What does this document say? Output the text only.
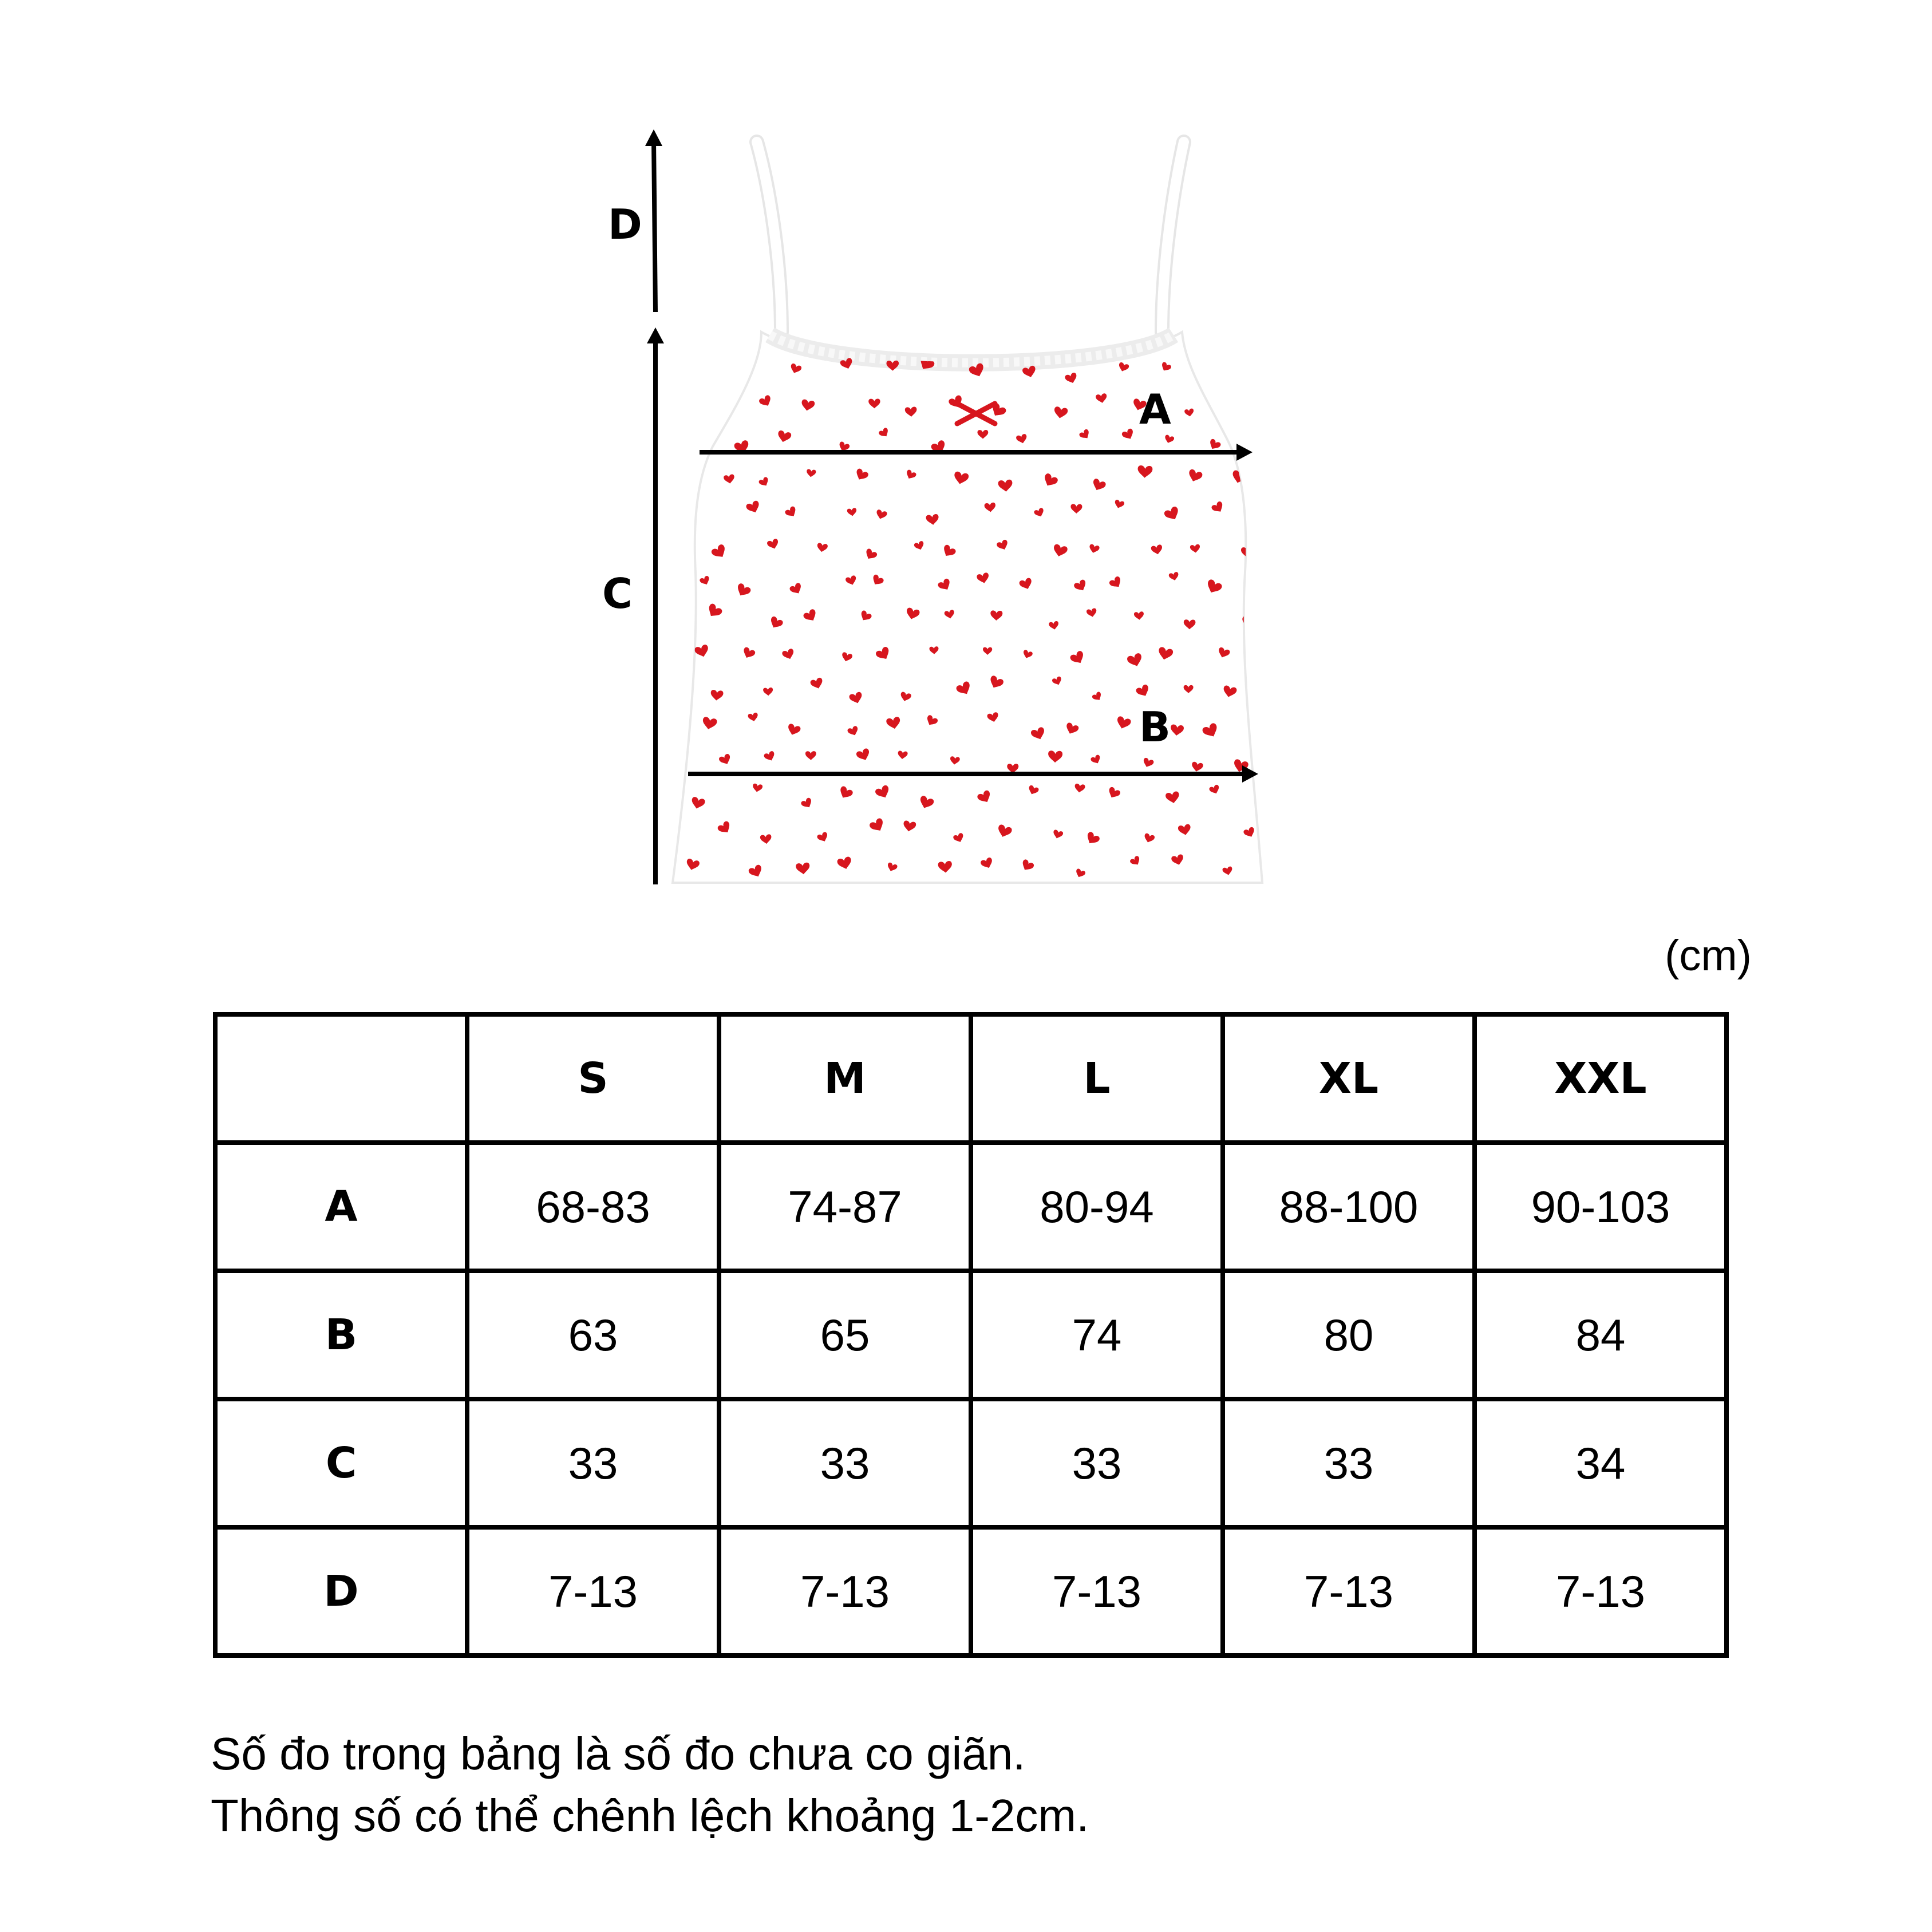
A
B
C
D
(cm)
	S	M	L	XL	XXL
A	68-83	74-87	80-94	88-100	90-103
B	63	65	74	80	84
C	33	33	33	33	34
D	7-13	7-13	7-13	7-13	7-13
Số đo trong bảng là số đo chưa co giãn.
Thông số có thể chênh lệch khoảng 1-2cm.
